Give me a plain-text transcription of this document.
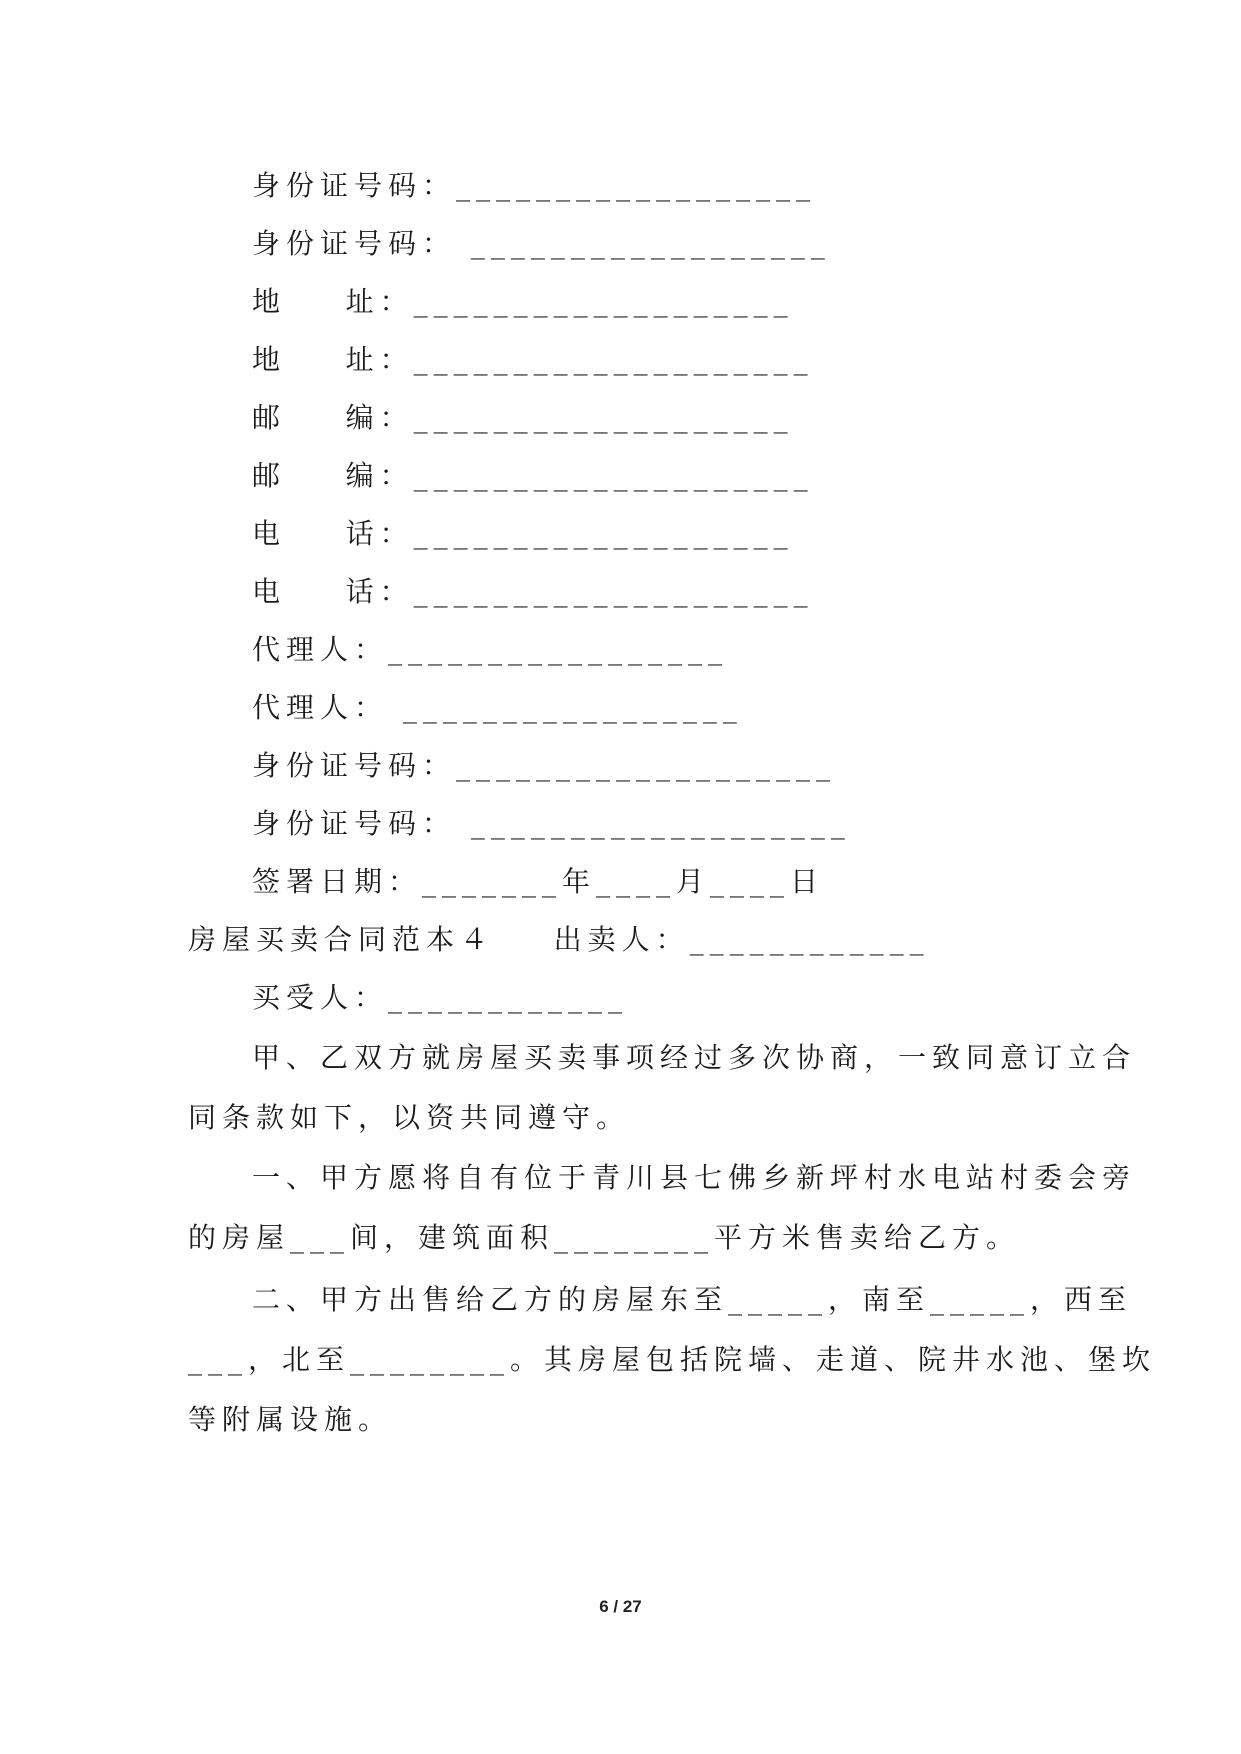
身份证号码：__________________
身份证号码： __________________
地    址：___________________
地    址：____________________
邮    编：___________________
邮    编：____________________
电    话：___________________
电    话：____________________
代理人：_________________
代理人： _________________
身份证号码：___________________
身份证号码： ___________________
签署日期：_______年____月____日
房屋买卖合同范本４    出卖人：____________
买受人：____________
甲、乙双方就房屋买卖事项经过多次协商，一致同意订立合
同条款如下，以资共同遵守。
一、甲方愿将自有位于青川县七佛乡新坪村水电站村委会旁
的房屋___间，建筑面积________平方米售卖给乙方。
二、甲方出售给乙方的房屋东至_____，南至_____，西至
___，北至________。其房屋包括院墙、走道、院井水池、堡坎
等附属设施。
6 / 27
